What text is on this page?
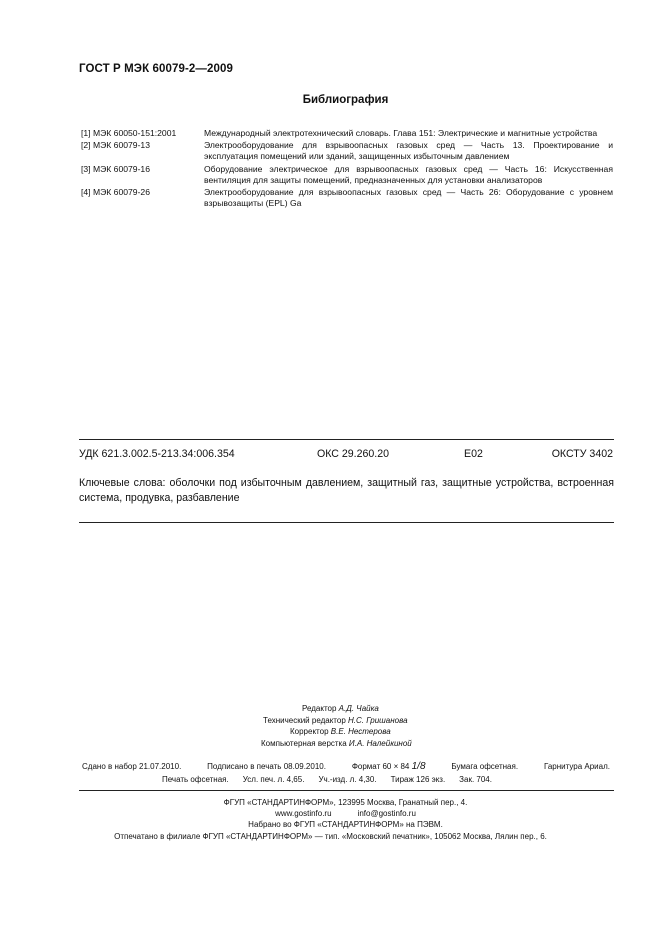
ГОСТ Р МЭК 60079-2—2009
Библиография
[1] МЭК 60050-151:2001	Международный электротехнический словарь. Глава 151: Электрические и магнитные устройства
[2] МЭК 60079-13	Электрооборудование для взрывоопасных газовых сред — Часть 13. Проектирование и эксплуатация помещений или зданий, защищенных избыточным давлением
[3] МЭК 60079-16	Оборудование электрическое для взрывоопасных газовых сред — Часть 16: Искусственная вентиляция для защиты помещений, предназначенных для установки анализаторов
[4] МЭК 60079-26	Электрооборудование для взрывоопасных газовых сред — Часть 26: Оборудование с уровнем взрывозащиты (EPL) Ga
УДК 621.3.002.5-213.34:006.354	ОКС 29.260.20	Е02	ОКСТУ 3402
Ключевые слова: оболочки под избыточным давлением, защитный газ, защитные устройства, встроенная система, продувка, разбавление
Редактор А.Д. Чайка
Технический редактор Н.С. Гришанова
Корректор В.Е. Нестерова
Компьютерная верстка И.А. Налейкиной
Сдано в набор 21.07.2010.	Подписано в печать 08.09.2010.	Формат 60 × 84 1/8	Бумага офсетная.	Гарнитура Ариал.
Печать офсетная. Усл. печ. л. 4,65. Уч.-изд. л. 4,30. Тираж 126 экз. Зак. 704.
ФГУП «СТАНДАРТИНФОРМ», 123995 Москва, Гранатный пер., 4.
www.gostinfo.ru	info@gostinfo.ru
Набрано во ФГУП «СТАНДАРТИНФОРМ» на ПЭВМ.
Отпечатано в филиале ФГУП «СТАНДАРТИНФОРМ» — тип. «Московский печатник», 105062 Москва, Лялин пер., 6.
